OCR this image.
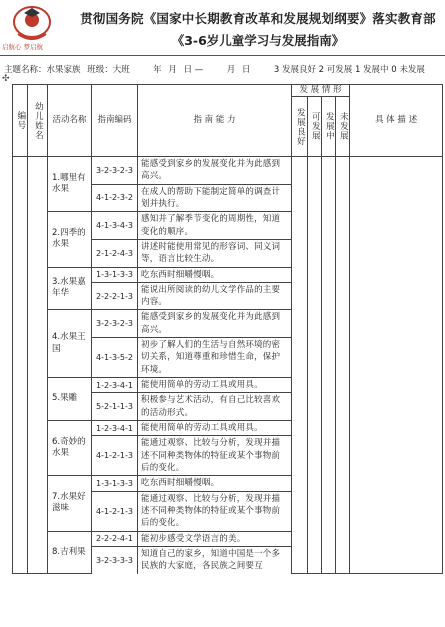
启航心 梦启航
贯彻国务院《国家中长期教育改革和发展规划纲要》落实教育部
《3-6岁儿童学习与发展指南》
主题名称：水果家族 班级：大班	年 月 日 —	月 日	3 发展良好 2 可发展 1 发展中 0 未发展
✣
编号	幼儿姓名	活动名称	指南编码	指 南 能 力	发 展 情 形				具 体 描 述

					发展良好	可发展	发展中	未发展	

		1.哪里有水果	3-2-3-2-3	能感受到家乡的发展变化并为此感到高兴。					
			4-1-2-3-2	在成人的帮助下能制定简单的调查计划并执行。					
		2.四季的水果	4-1-3-4-3	感知并了解季节变化的周期性，知道变化的顺序。					
			2-1-2-4-3	讲述时能使用常见的形容词、同义词等，语言比较生动。					
		3.水果嘉年华	1-3-1-3-3	吃东西时细嚼慢咽。					
			2-2-2-1-3	能说出所阅读的幼儿文学作品的主要内容。					
		4.水果王国	3-2-3-2-3	能感受到家乡的发展变化并为此感到高兴。					
			4-1-3-5-2	初步了解人们的生活与自然环境的密切关系，知道尊重和珍惜生命，保护环境。					
		5.果雕	1-2-3-4-1	能使用简单的劳动工具或用具。					
			5-2-1-1-3	积极参与艺术活动，有自己比较喜欢的活动形式。					
		6.奇妙的水果	1-2-3-4-1	能使用简单的劳动工具或用具。					
			4-1-2-1-3	能通过观察、比较与分析，发现并描述不同种类物体的特征或某个事物前后的变化。					
		7.水果好滋味	1-3-1-3-3	吃东西时细嚼慢咽。					
			4-1-2-1-3	能通过观察、比较与分析，发现并描述不同种类物体的特征或某个事物前后的变化。					
		8.吉利果	2-2-2-4-1	能初步感受文学语言的美。					
			3-2-3-3-3	知道自己的家乡，知道中国是一个多民族的大家庭，各民族之间要互					
